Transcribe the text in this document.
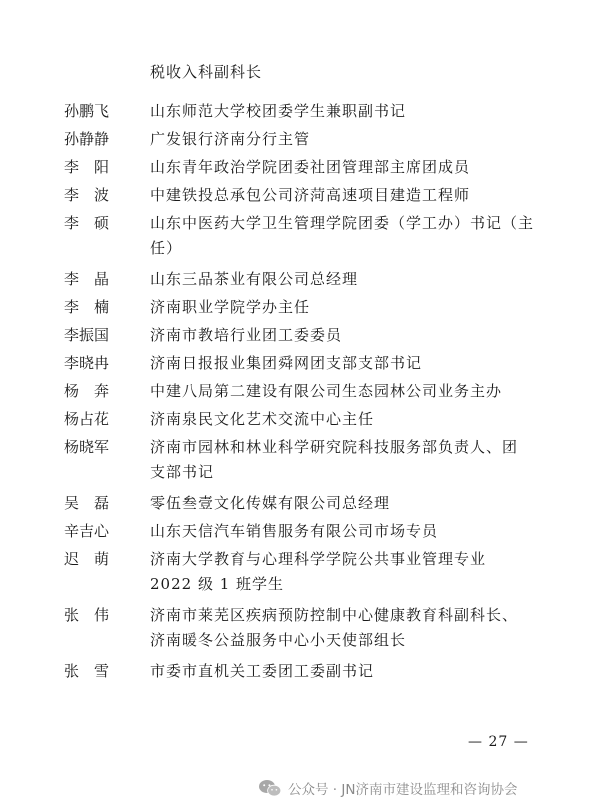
税收入科副科长
孙鹏飞	山东师范大学校团委学生兼职副书记
孙静静	广发银行济南分行主管
李　阳	山东青年政治学院团委社团管理部主席团成员
李　波	中建铁投总承包公司济菏高速项目建造工程师
李　硕	山东中医药大学卫生管理学院团委（学工办）书记（主
任）
李　晶	山东三品茶业有限公司总经理
李　楠	济南职业学院学办主任
李振国	济南市教培行业团工委委员
李晓冉	济南日报报业集团舜网团支部支部书记
杨　奔	中建八局第二建设有限公司生态园林公司业务主办
杨占花	济南泉民文化艺术交流中心主任
杨晓军	济南市园林和林业科学研究院科技服务部负责人、团
支部书记
吴　磊	零伍叁壹文化传媒有限公司总经理
辛吉心	山东天信汽车销售服务有限公司市场专员
迟　萌	济南大学教育与心理科学学院公共事业管理专业
2022 级 1 班学生
张　伟	济南市莱芜区疾病预防控制中心健康教育科副科长、
济南暖冬公益服务中心小天使部组长
张　雪	市委市直机关工委团工委副书记
— 27 —
公众号 · JN济南市建设监理和咨询协会
